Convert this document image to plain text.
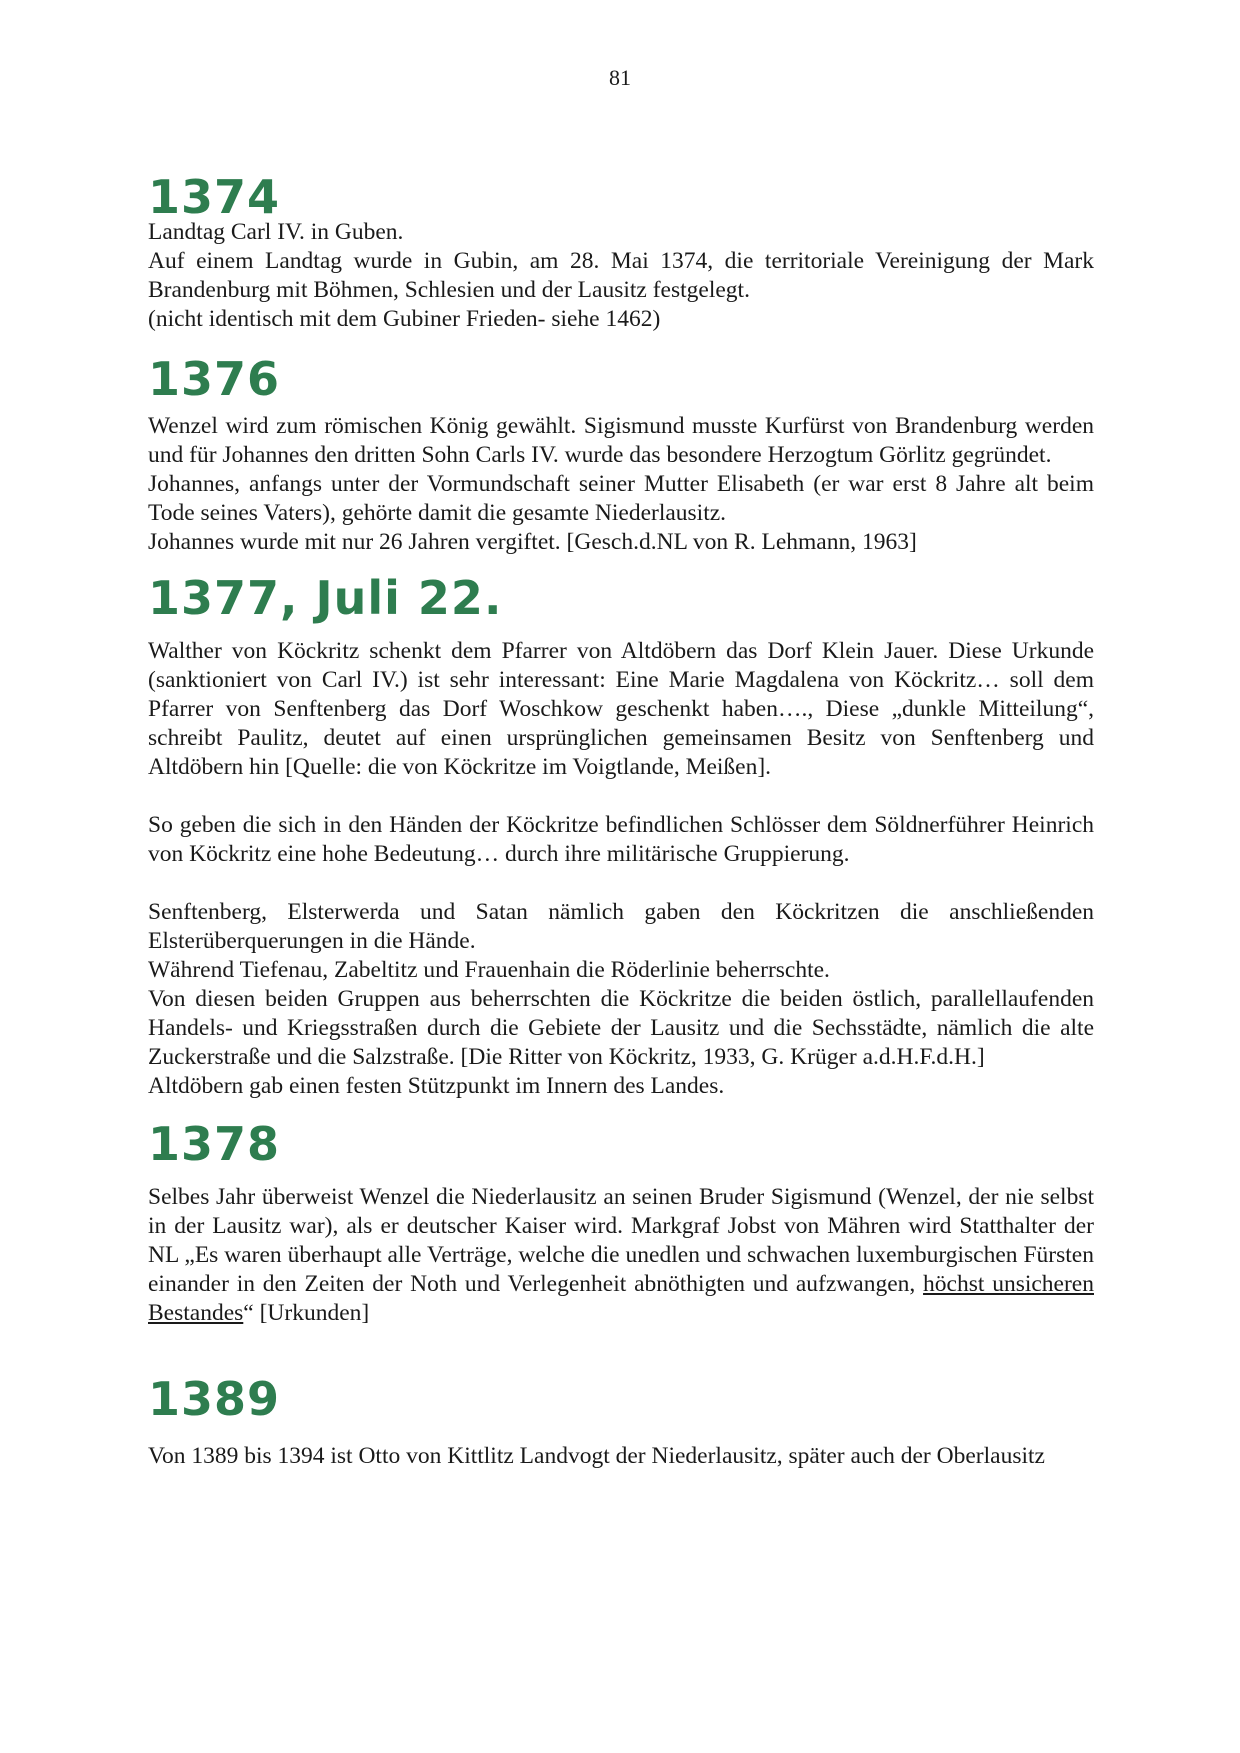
81
1374

Landtag Carl IV. in Guben.

Auf einem Landtag wurde in Gubin, am 28. Mai 1374, die territoriale Vereinigung der Mark Brandenburg mit Böhmen, Schlesien und der Lausitz festgelegt.

(nicht identisch mit dem Gubiner Frieden- siehe 1462)

1376

Wenzel wird zum römischen König gewählt. Sigismund musste Kurfürst von Brandenburg werden und für Johannes den dritten Sohn Carls IV. wurde das besondere Herzogtum Görlitz gegründet.

Johannes, anfangs unter der Vormundschaft seiner Mutter Elisabeth (er war erst 8 Jahre alt beim Tode seines Vaters), gehörte damit die gesamte Niederlausitz.

Johannes wurde mit nur 26 Jahren vergiftet. [Gesch.d.NL von R. Lehmann, 1963]

1377, Juli 22.

Walther von Köckritz schenkt dem Pfarrer von Altdöbern das Dorf Klein Jauer. Diese Urkunde (sanktioniert von Carl IV.) ist sehr interessant: Eine Marie Magdalena von Köckritz… soll dem Pfarrer von Senftenberg das Dorf Woschkow geschenkt haben…., Diese „dunkle Mitteilung“, schreibt Paulitz, deutet auf einen ursprünglichen gemeinsamen Besitz von Senftenberg und Altdöbern hin [Quelle: die von Köckritze im Voigtlande, Meißen].

So geben die sich in den Händen der Köckritze befindlichen Schlösser dem Söldnerführer Heinrich von Köckritz eine hohe Bedeutung… durch ihre militärische Gruppierung.

Senftenberg, Elsterwerda und Satan nämlich gaben den Köckritzen die anschließenden Elsterüberquerungen in die Hände.

Während Tiefenau, Zabeltitz und Frauenhain die Röderlinie beherrschte.

Von diesen beiden Gruppen aus beherrschten die Köckritze die beiden östlich, parallellaufenden Handels- und Kriegsstraßen durch die Gebiete der Lausitz und die Sechsstädte, nämlich die alte Zuckerstraße und die Salzstraße. [Die Ritter von Köckritz, 1933, G. Krüger a.d.H.F.d.H.]

Altdöbern gab einen festen Stützpunkt im Innern des Landes.

1378

Selbes Jahr überweist Wenzel die Niederlausitz an seinen Bruder Sigismund (Wenzel, der nie selbst in der Lausitz war), als er deutscher Kaiser wird. Markgraf Jobst von Mähren wird Statthalter der NL „Es waren überhaupt alle Verträge, welche die unedlen und schwachen luxemburgischen Fürsten einander in den Zeiten der Noth und Verlegenheit abnöthigten und aufzwangen, höchst unsicheren Bestandes“ [Urkunden]

1389

Von 1389 bis 1394 ist Otto von Kittlitz Landvogt der Niederlausitz, später auch der Oberlausitz
